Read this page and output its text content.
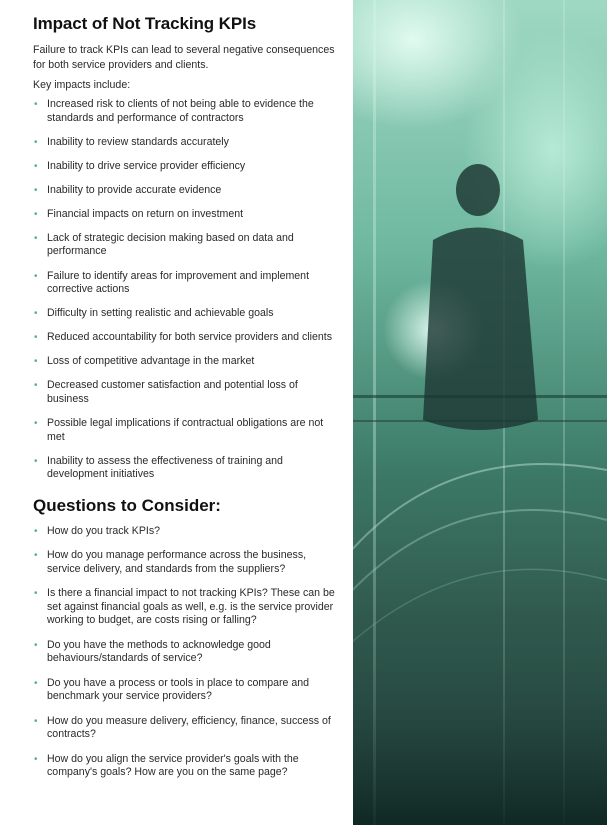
Impact of Not Tracking KPIs

Failure to track KPIs can lead to several negative consequences for both service providers and clients.

Key impacts include:

• Increased risk to clients of not being able to evidence the standards and performance of contractors
• Inability to review standards accurately
• Inability to drive service provider efficiency
• Inability to provide accurate evidence
• Financial impacts on return on investment
• Lack of strategic decision making based on data and performance
• Failure to identify areas for improvement and implement corrective actions
• Difficulty in setting realistic and achievable goals
• Reduced accountability for both service providers and clients
• Loss of competitive advantage in the market
• Decreased customer satisfaction and potential loss of business
• Possible legal implications if contractual obligations are not met
• Inability to assess the effectiveness of training and development initiatives
Questions to Consider:
• How do you track KPIs?
• How do you manage performance across the business, service delivery, and standards from the suppliers?
• Is there a financial impact to not tracking KPIs? These can be set against financial goals as well, e.g. is the service provider working to budget, are costs rising or falling?
• Do you have the methods to acknowledge good behaviours/standards of service?
• Do you have a process or tools in place to compare and benchmark your service providers?
• How do you measure delivery, efficiency, finance, success of contracts?
• How do you align the service provider's goals with the company's goals? How are you on the same page?
